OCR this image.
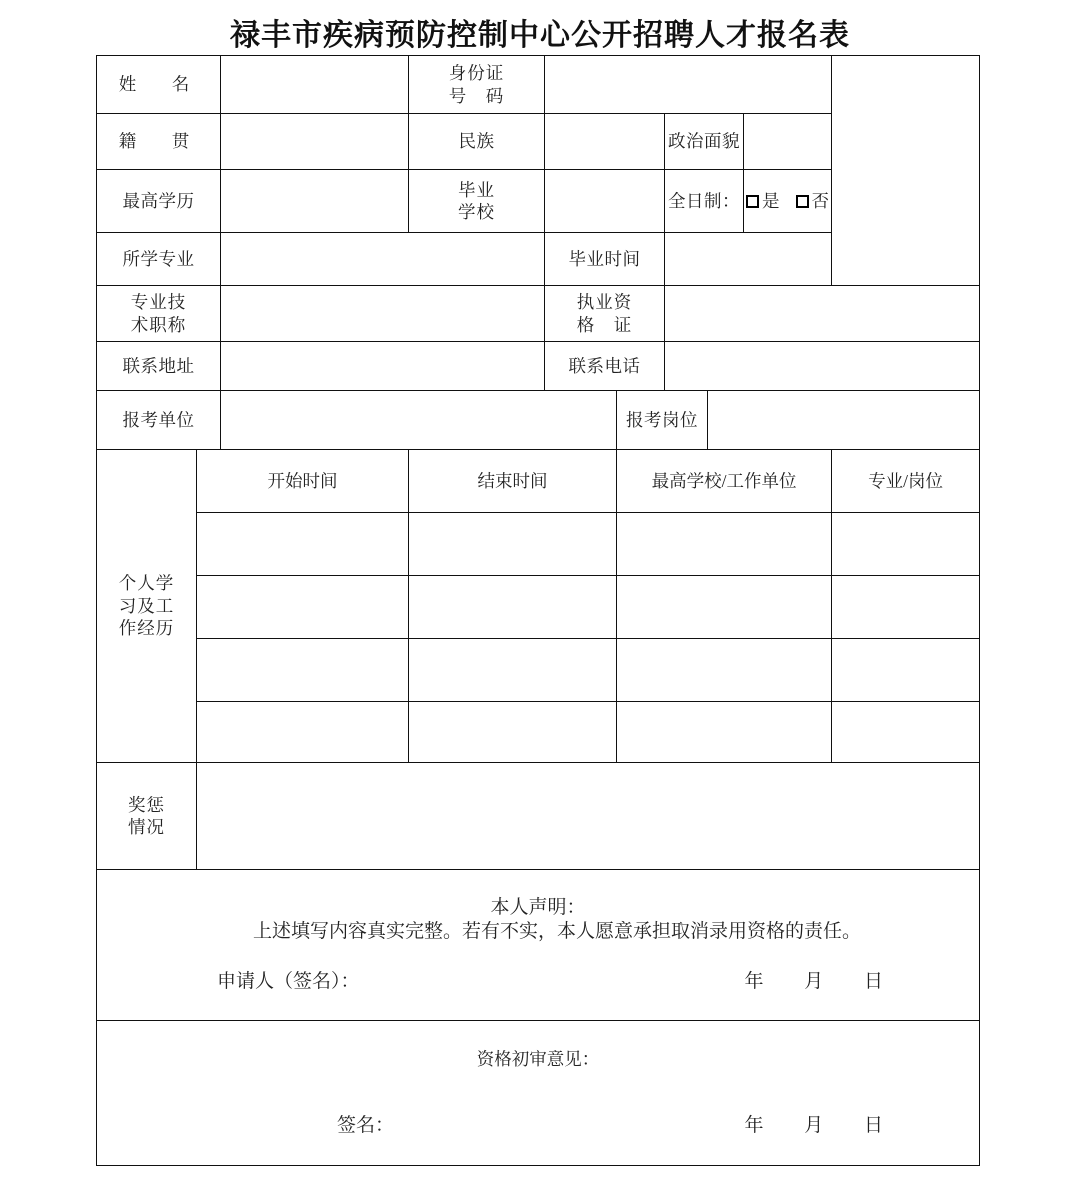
禄丰市疾病预防控制中心公开招聘人才报名表
姓　名			身份证
号　码						
籍　贯			民族			政治面貌			
最高学历			毕业
学校			全日制：		是 否	

所学专业				毕业时间					
专业技
术职称				执业资
格　证					
联系地址				联系电话					
报考单位					报考岗位				
个人学
习及工
作经历	开始时间		结束时间		最高学校/工作单位				专业/岗位

奖惩
情况									

本人声明：
上述填写内容真实完整。若有不实，本人愿意承担取消录用资格的责任。
申请人（签名）： 年 月 日									

资格初审意见：
签名： 年 月 日									
